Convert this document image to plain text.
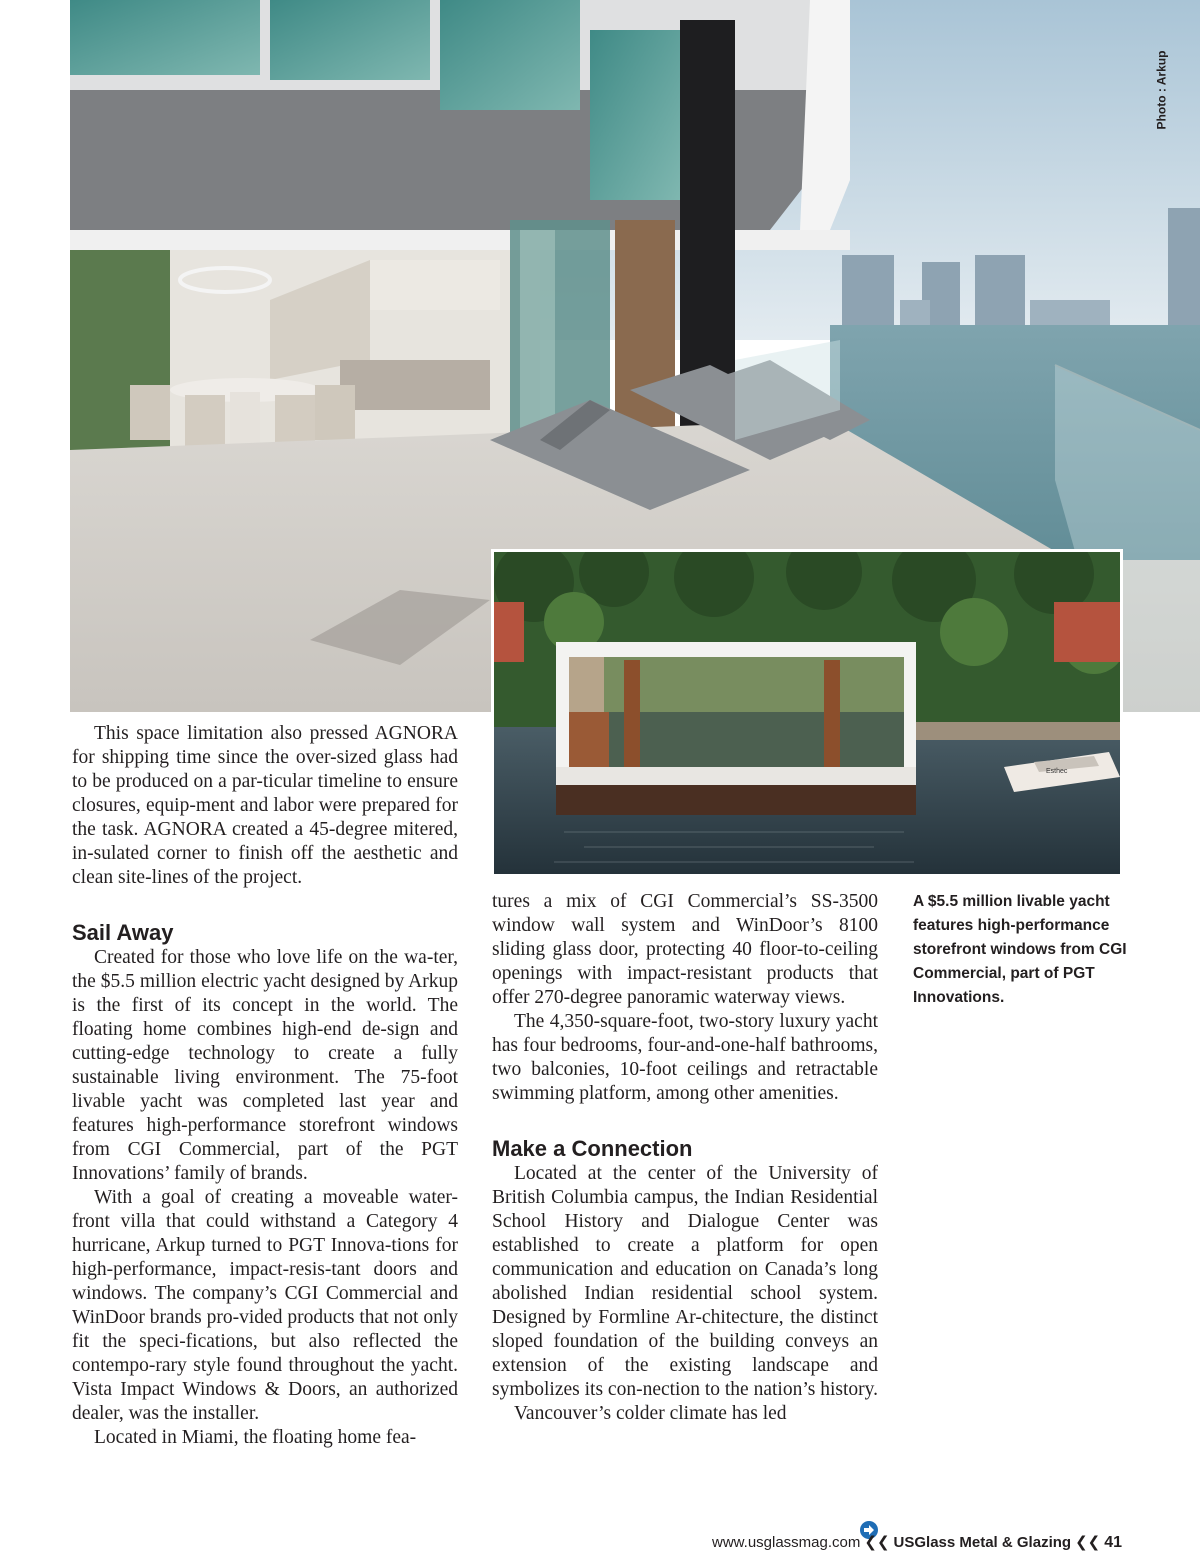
Photo : Arkup
Esthec

This space limitation also pressed AGNORA for shipping time since the over-sized glass had to be produced on a par-ticular timeline to ensure closures, equip-ment and labor were prepared for the task. AGNORA created a 45-degree mitered, in-sulated corner to finish off the aesthetic and clean site-lines of the project.

Sail Away

Created for those who love life on the wa-ter, the $5.5 million electric yacht designed by Arkup is the first of its concept in the world. The floating home combines high-end de-sign and cutting-edge technology to create a fully sustainable living environment. The 75-foot livable yacht was completed last year and features high-performance storefront windows from CGI Commercial, part of the PGT Innovations’ family of brands.

With a goal of creating a moveable water-front villa that could withstand a Category 4 hurricane, Arkup turned to PGT Innova-tions for high-performance, impact-resis-tant doors and windows. The company’s CGI Commercial and WinDoor brands pro-vided products that not only fit the speci-fications, but also reflected the contempo-rary style found throughout the yacht. Vista Impact Windows & Doors, an authorized dealer, was the installer.

Located in Miami, the floating home fea-

tures a mix of CGI Commercial’s SS-3500 window wall system and WinDoor’s 8100 sliding glass door, protecting 40 floor-to-ceiling openings with impact-resistant products that offer 270-degree panoramic waterway views.

The 4,350-square-foot, two-story luxury yacht has four bedrooms, four-and-one-half bathrooms, two balconies, 10-foot ceilings and retractable swimming platform, among other amenities.

Make a Connection

Located at the center of the University of British Columbia campus, the Indian Residential School History and Dialogue Center was established to create a platform for open communication and education on Canada’s long abolished Indian residential school system. Designed by Formline Ar-chitecture, the distinct sloped foundation of the building conveys an extension of the existing landscape and symbolizes its con-nection to the nation’s history.

Vancouver’s colder climate has led

A $5.5 million livable yacht features high-performance storefront windows from CGI Commercial, part of PGT Innovations.
www.usglassmag.com ❮❮ USGlass Metal & Glazing ❮❮ 41
